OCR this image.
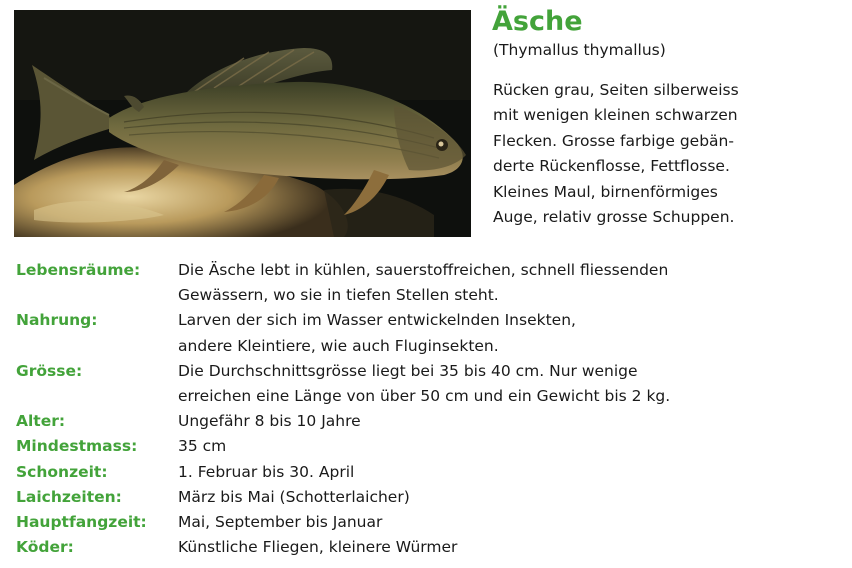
Äsche
(Thymallus thymallus)

Rücken grau, Seiten silberweiss
mit wenigen kleinen schwarzen
Flecken. Grosse farbige gebän-
derte Rückenflosse, Fettflosse.
Kleines Maul, birnenförmiges
Auge, relativ grosse Schuppen.

Lebensräume:	Die Äsche lebt in kühlen, sauerstoffreichen, schnell fliessenden
Gewässern, wo sie in tiefen Stellen steht.
Nahrung:	Larven der sich im Wasser entwickelnden Insekten,
andere Kleintiere, wie auch Fluginsekten.
Grösse:	Die Durchschnittsgrösse liegt bei 35 bis 40 cm. Nur wenige
erreichen eine Länge von über 50 cm und ein Gewicht bis 2 kg.
Alter:	Ungefähr 8 bis 10 Jahre
Mindestmass:	35 cm
Schonzeit:	1. Februar bis 30. April
Laichzeiten:	März bis Mai (Schotterlaicher)
Hauptfangzeit:	Mai, September bis Januar
Köder:	Künstliche Fliegen, kleinere Würmer
